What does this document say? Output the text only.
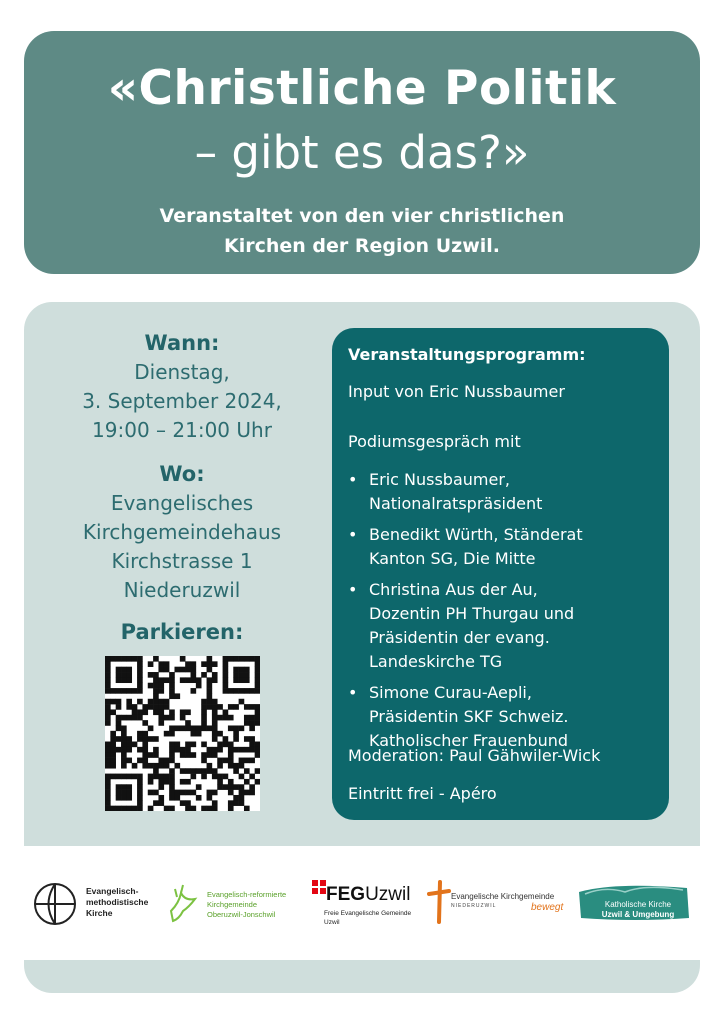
«Christliche Politik
– gibt es das?»
Veranstaltet von den vier christlichen
Kirchen der Region Uzwil.
Wann:
Dienstag,
3. September 2024,
19:00 – 21:00 Uhr
Wo:
Evangelisches
Kirchgemeindehaus
Kirchstrasse 1
Niederuzwil
Parkieren:
Veranstaltungsprogramm:
Input von Eric Nussbaumer
Podiumsgespräch mit
• Eric Nussbaumer,
Nationalratspräsident
• Benedikt Würth, Ständerat
Kanton SG, Die Mitte
• Christina Aus der Au,
Dozentin PH Thurgau und
Präsidentin der evang.
Landeskirche TG
• Simone Curau-Aepli,
Präsidentin SKF Schweiz.
Katholischer Frauenbund
Moderation: Paul Gähwiler-Wick
Eintritt frei - Apéro
Evangelisch-
methodistische
Kirche
Evangelisch-reformierte
Kirchgemeinde
Oberuzwil-Jonschwil
FEGUzwil
Freie Evangelische Gemeinde
Uzwil
Evangelische Kirchgemeinde
NIEDERUZWIL	bewegt	Katholische Kirche
Uzwil & Umgebung
